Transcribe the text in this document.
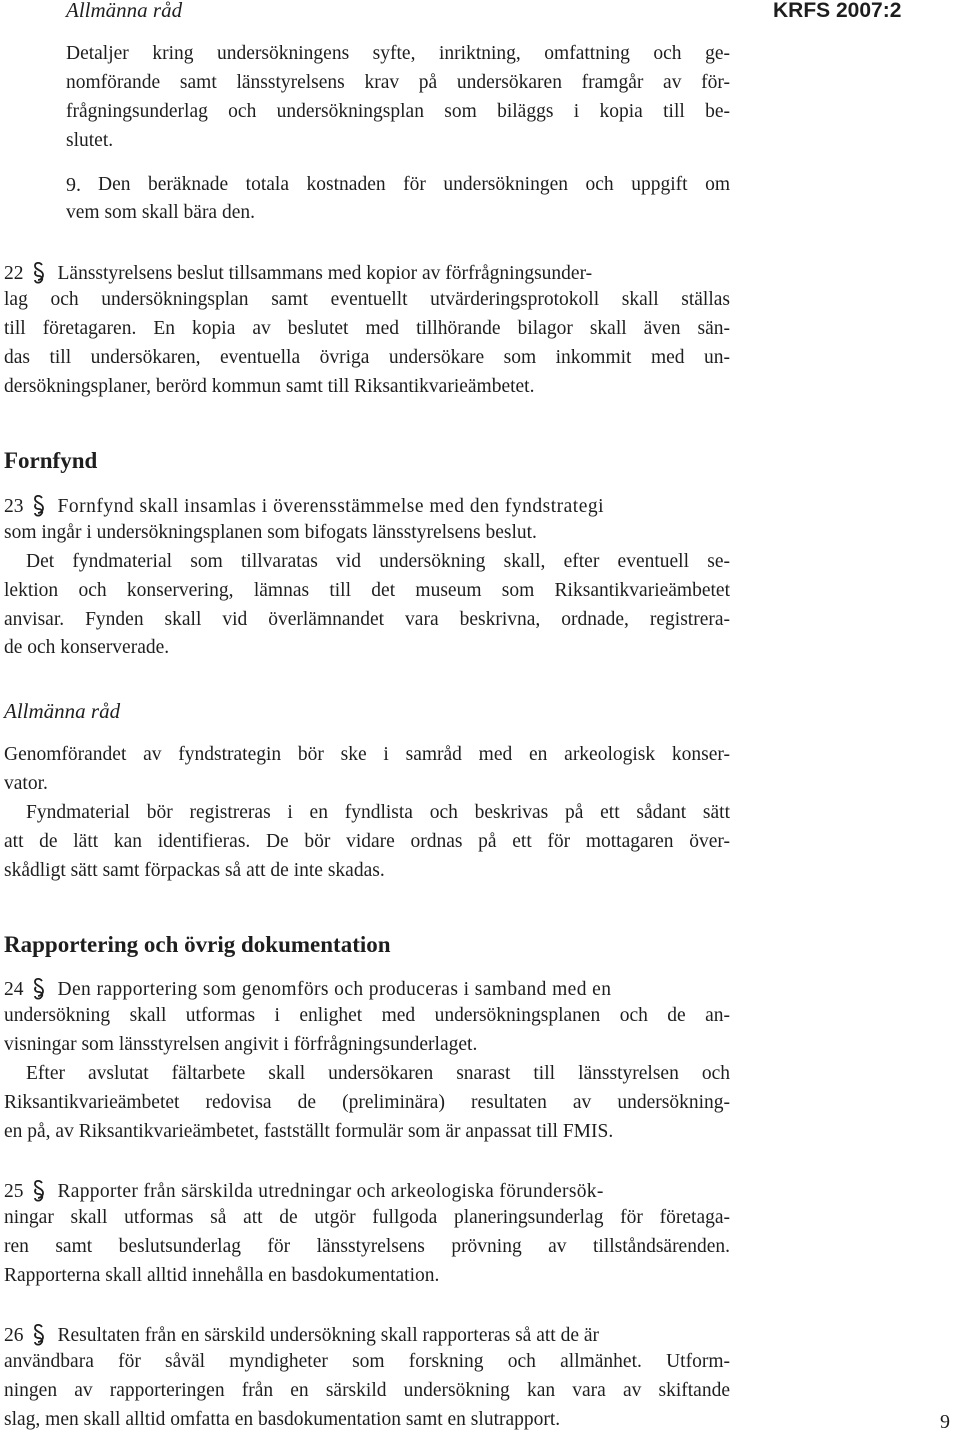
Allmänna råd	KRFS 2007:2
Detaljer kring undersökningens syfte, inriktning, omfattning och ge-
nomförande samt länsstyrelsens krav på undersökaren framgår av för-
frågningsunderlag och undersökningsplan som biläggs i kopia till be-
slutet.
9. Den beräknade totala kostnaden för undersökningen och uppgift om
vem som skall bära den.
22 Länsstyrelsens beslut tillsammans med kopior av förfrågningsunder-
lag och undersökningsplan samt eventuellt utvärderingsprotokoll skall ställas
till företagaren. En kopia av beslutet med tillhörande bilagor skall även sän-
das till undersökaren, eventuella övriga undersökare som inkommit med un-
dersökningsplaner, berörd kommun samt till Riksantikvarieämbetet.
Fornfynd
23 Fornfynd skall insamlas i överensstämmelse med den fyndstrategi
som ingår i undersökningsplanen som bifogats länsstyrelsens beslut.
Det fyndmaterial som tillvaratas vid undersökning skall, efter eventuell se-
lektion och konservering, lämnas till det museum som Riksantikvarieämbetet
anvisar. Fynden skall vid överlämnandet vara beskrivna, ordnade, registrera-
de och konserverade.
Allmänna råd
Genomförandet av fyndstrategin bör ske i samråd med en arkeologisk konser-
vator.
Fyndmaterial bör registreras i en fyndlista och beskrivas på ett sådant sätt
att de lätt kan identifieras. De bör vidare ordnas på ett för mottagaren över-
skådligt sätt samt förpackas så att de inte skadas.
Rapportering och övrig dokumentation
24 Den rapportering som genomförs och produceras i samband med en
undersökning skall utformas i enlighet med undersökningsplanen och de an-
visningar som länsstyrelsen angivit i förfrågningsunderlaget.
Efter avslutat fältarbete skall undersökaren snarast till länsstyrelsen och
Riksantikvarieämbetet redovisa de (preliminära) resultaten av undersökning-
en på, av Riksantikvarieämbetet, fastställt formulär som är anpassat till FMIS.
25 Rapporter från särskilda utredningar och arkeologiska förundersök-
ningar skall utformas så att de utgör fullgoda planeringsunderlag för företaga-
ren samt beslutsunderlag för länsstyrelsens prövning av tillståndsärenden.
Rapporterna skall alltid innehålla en basdokumentation.
26 Resultaten från en särskild undersökning skall rapporteras så att de är
användbara för såväl myndigheter som forskning och allmänhet. Utform-
ningen av rapporteringen från en särskild undersökning kan vara av skiftande
slag, men skall alltid omfatta en basdokumentation samt en slutrapport.	9
